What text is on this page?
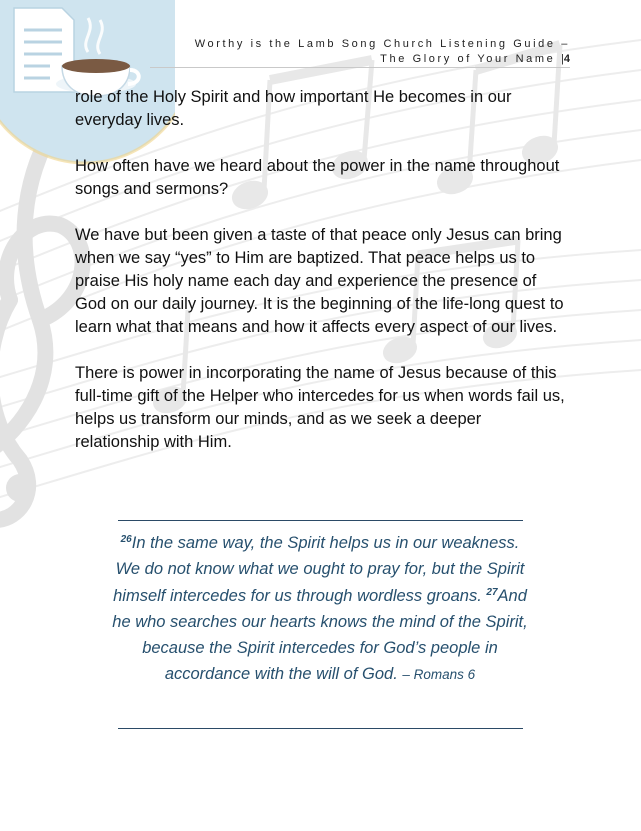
Worthy is the Lamb Song Church Listening Guide –
The Glory of Your Name |4

role of the Holy Spirit and how important He becomes in our everyday lives.

How often have we heard about the power in the name throughout songs and sermons?

We have but been given a taste of that peace only Jesus can bring when we say “yes” to Him are baptized. That peace helps us to praise His holy name each day and experience the presence of God on our daily journey. It is the beginning of the life-long quest to learn what that means and how it affects every aspect of our lives.

There is power in incorporating the name of Jesus because of this full-time gift of the Helper who intercedes for us when words fail us, helps us transform our minds, and as we seek a deeper relationship with Him.

$^{26}$In the same way, the Spirit helps us in our weakness. We do not know what we ought to pray for, but the Spirit himself intercedes for us through wordless groans. $^{27}$And he who searches our hearts knows the mind of the Spirit, because the Spirit intercedes for God’s people in accordance with the will of God. – Romans 6
